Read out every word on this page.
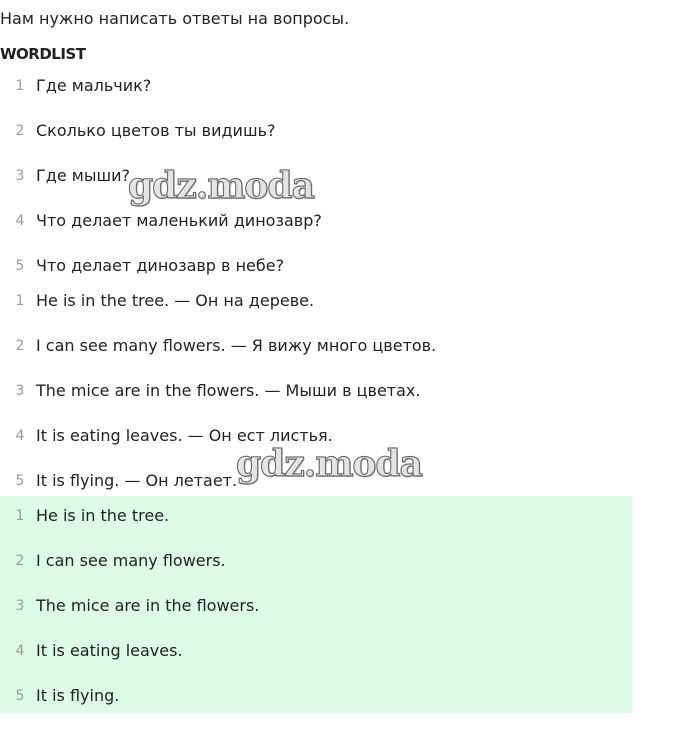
Нам нужно написать ответы на вопросы.
WORDLIST
1 Где мальчик?
2 Сколько цветов ты видишь?
3 Где мыши?
4 Что делает маленький динозавр?
5 Что делает динозавр в небе?
1 He is in the tree. — Он на дереве.
2 I can see many flowers. — Я вижу много цветов.
3 The mice are in the flowers. — Мыши в цветах.
4 It is eating leaves. — Он ест листья.
5 It is flying. — Он летает.
1 He is in the tree.
2 I can see many flowers.
3 The mice are in the flowers.
4 It is eating leaves.
5 It is flying.
gdz.moda
gdz.moda
